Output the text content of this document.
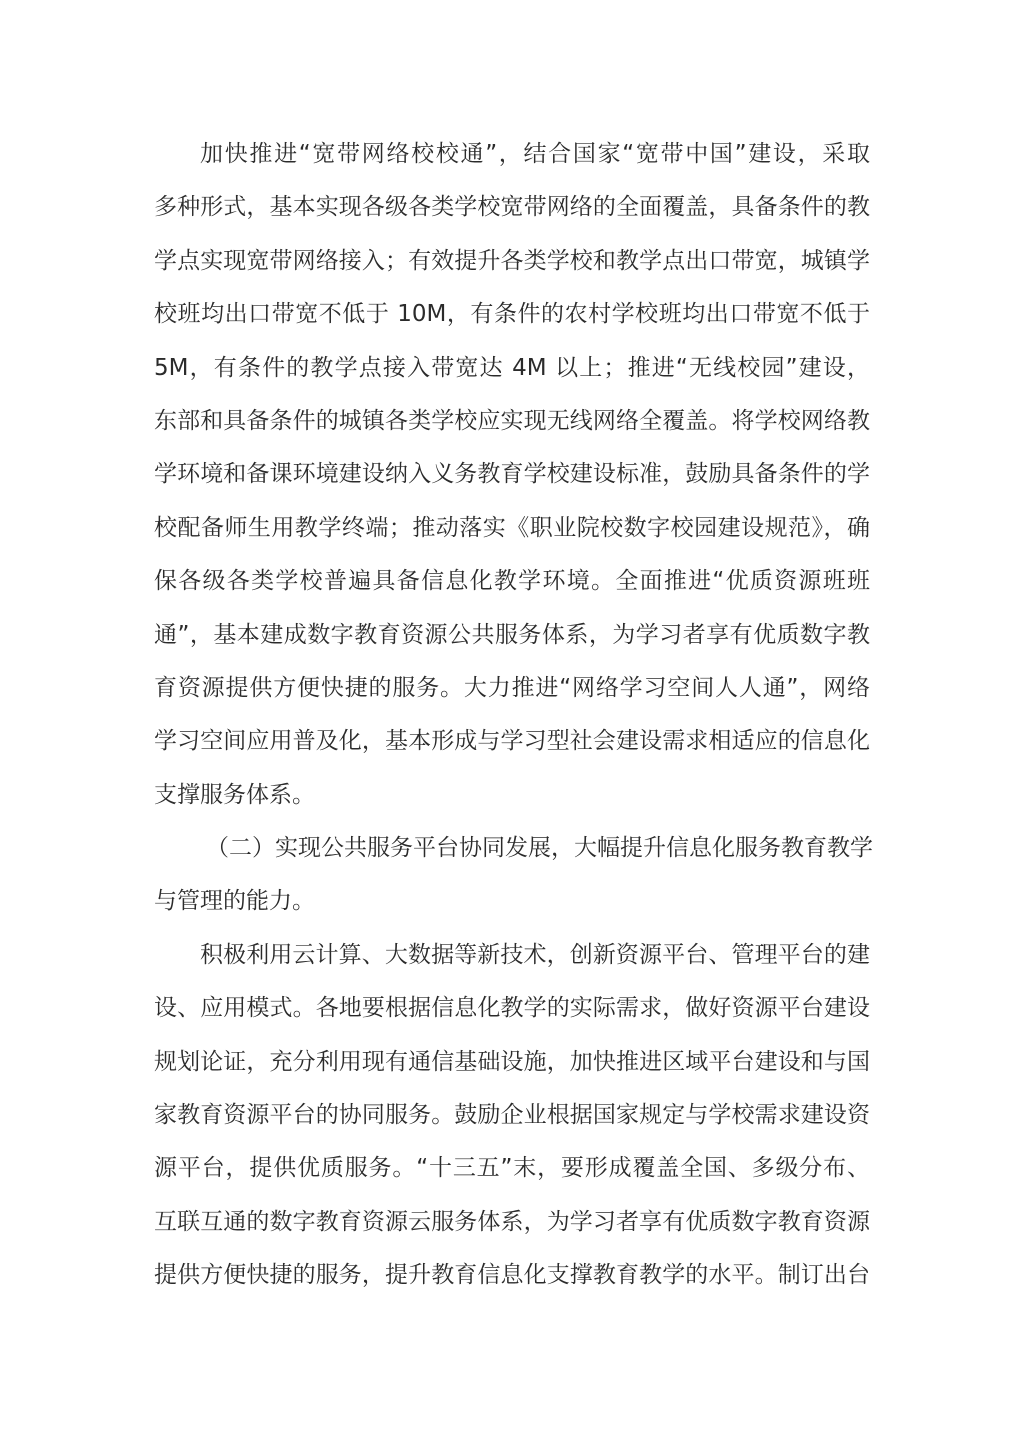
加快推进“宽带网络校校通”，结合国家“宽带中国”建设，采取
多种形式，基本实现各级各类学校宽带网络的全面覆盖，具备条件的教
学点实现宽带网络接入；有效提升各类学校和教学点出口带宽，城镇学
校班均出口带宽不低于 10M，有条件的农村学校班均出口带宽不低于
5M，有条件的教学点接入带宽达 4M 以上；推进“无线校园”建设，
东部和具备条件的城镇各类学校应实现无线网络全覆盖。将学校网络教
学环境和备课环境建设纳入义务教育学校建设标准，鼓励具备条件的学
校配备师生用教学终端；推动落实《职业院校数字校园建设规范》，确
保各级各类学校普遍具备信息化教学环境。全面推进“优质资源班班
通”，基本建成数字教育资源公共服务体系，为学习者享有优质数字教
育资源提供方便快捷的服务。大力推进“网络学习空间人人通”，网络
学习空间应用普及化，基本形成与学习型社会建设需求相适应的信息化
支撑服务体系。
（二）实现公共服务平台协同发展，大幅提升信息化服务教育教学
与管理的能力。
积极利用云计算、大数据等新技术，创新资源平台、管理平台的建
设、应用模式。各地要根据信息化教学的实际需求，做好资源平台建设
规划论证，充分利用现有通信基础设施，加快推进区域平台建设和与国
家教育资源平台的协同服务。鼓励企业根据国家规定与学校需求建设资
源平台，提供优质服务。“十三五”末，要形成覆盖全国、多级分布、
互联互通的数字教育资源云服务体系，为学习者享有优质数字教育资源
提供方便快捷的服务，提升教育信息化支撑教育教学的水平。制订出台
